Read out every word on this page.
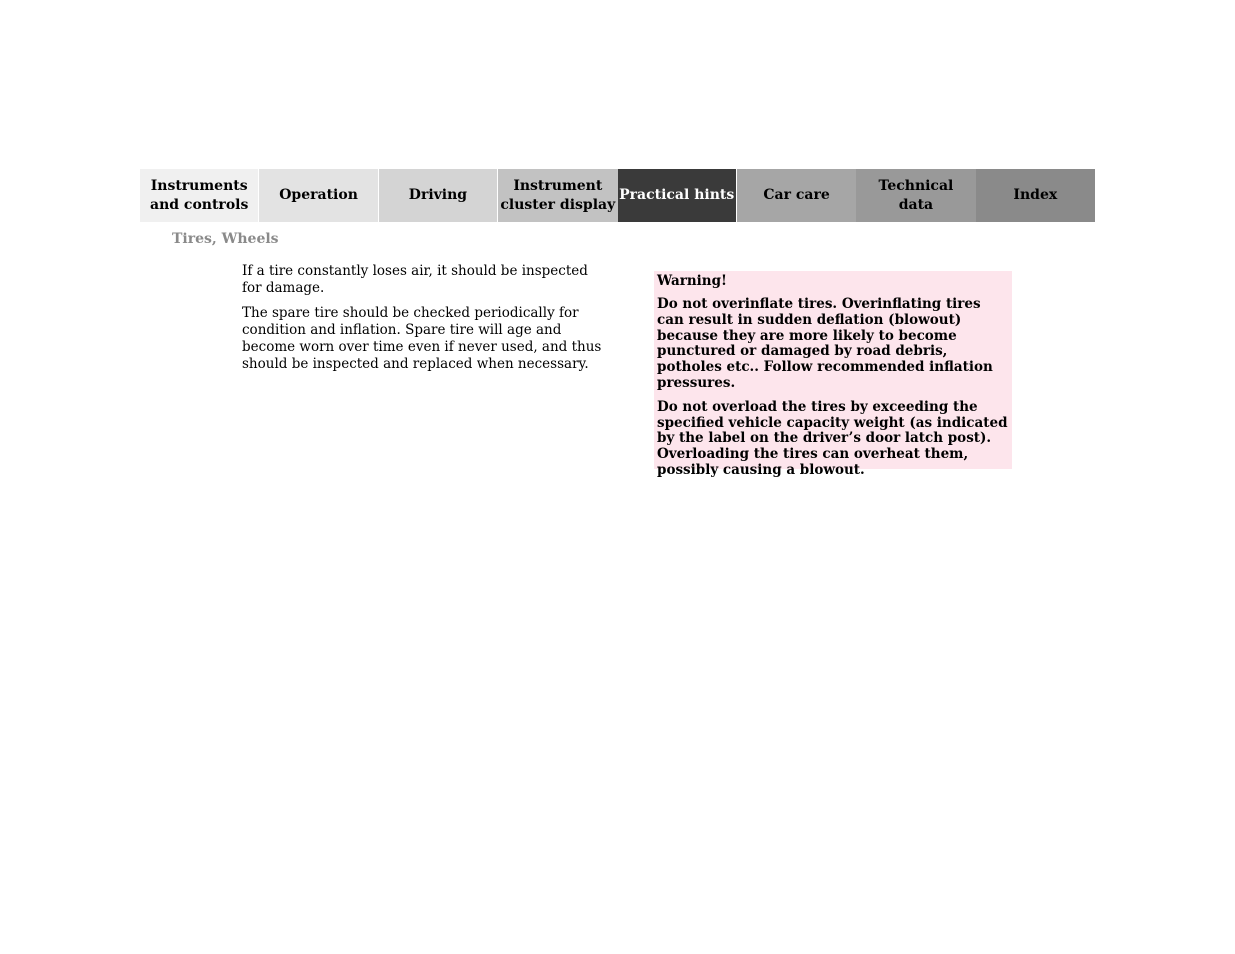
Instruments
and controls
Operation	Driving
Instrument
cluster display
Practical hints Car care
Technical
data
Index
Tires, Wheels

If a tire constantly loses air, it should be inspected for damage.

The spare tire should be checked periodically for condition and inflation. Spare tire will age and become worn over time even if never used, and thus should be inspected and replaced when necessary.

Warning!

Do not overinflate tires. Overinflating tires can result in sudden deflation (blowout) because they are more likely to become punctured or damaged by road debris, potholes etc.. Follow recommended inflation pressures.

Do not overload the tires by exceeding the specified vehicle capacity weight (as indicated by the label on the driver’s door latch post). Overloading the tires can overheat them, possibly causing a blowout.
